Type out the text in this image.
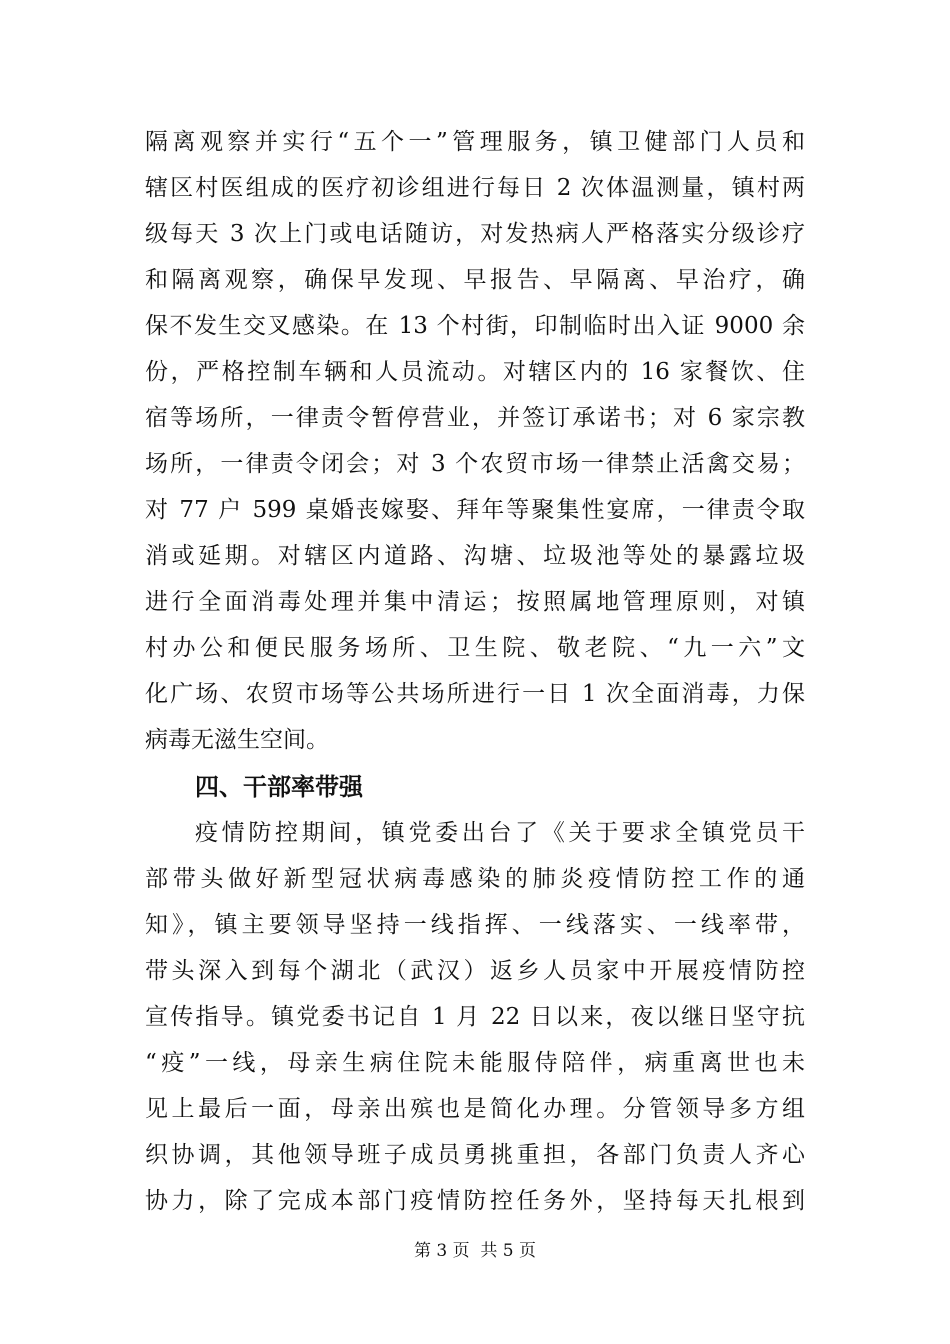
隔离观察并实行“五个一”管理服务，镇卫健部门人员和
辖区村医组成的医疗初诊组进行每日 2 次体温测量，镇村两
级每天 3 次上门或电话随访，对发热病人严格落实分级诊疗
和隔离观察，确保早发现、早报告、早隔离、早治疗，确
保不发生交叉感染。在 13 个村街，印制临时出入证 9000 余
份，严格控制车辆和人员流动。对辖区内的 16 家餐饮、住
宿等场所，一律责令暂停营业，并签订承诺书；对 6 家宗教
场所，一律责令闭会；对 3 个农贸市场一律禁止活禽交易；
对 77 户 599 桌婚丧嫁娶、拜年等聚集性宴席，一律责令取
消或延期。对辖区内道路、沟塘、垃圾池等处的暴露垃圾
进行全面消毒处理并集中清运；按照属地管理原则，对镇
村办公和便民服务场所、卫生院、敬老院、“九一六”文
化广场、农贸市场等公共场所进行一日 1 次全面消毒，力保
病毒无滋生空间。
四、干部率带强
疫情防控期间，镇党委出台了《关于要求全镇党员干
部带头做好新型冠状病毒感染的肺炎疫情防控工作的通
知》，镇主要领导坚持一线指挥、一线落实、一线率带，
带头深入到每个湖北（武汉）返乡人员家中开展疫情防控
宣传指导。镇党委书记自 1 月 22 日以来，夜以继日坚守抗
“疫”一线，母亲生病住院未能服侍陪伴，病重离世也未
见上最后一面，母亲出殡也是简化办理。分管领导多方组
织协调，其他领导班子成员勇挑重担，各部门负责人齐心
协力，除了完成本部门疫情防控任务外，坚持每天扎根到
第 3 页  共 5 页
